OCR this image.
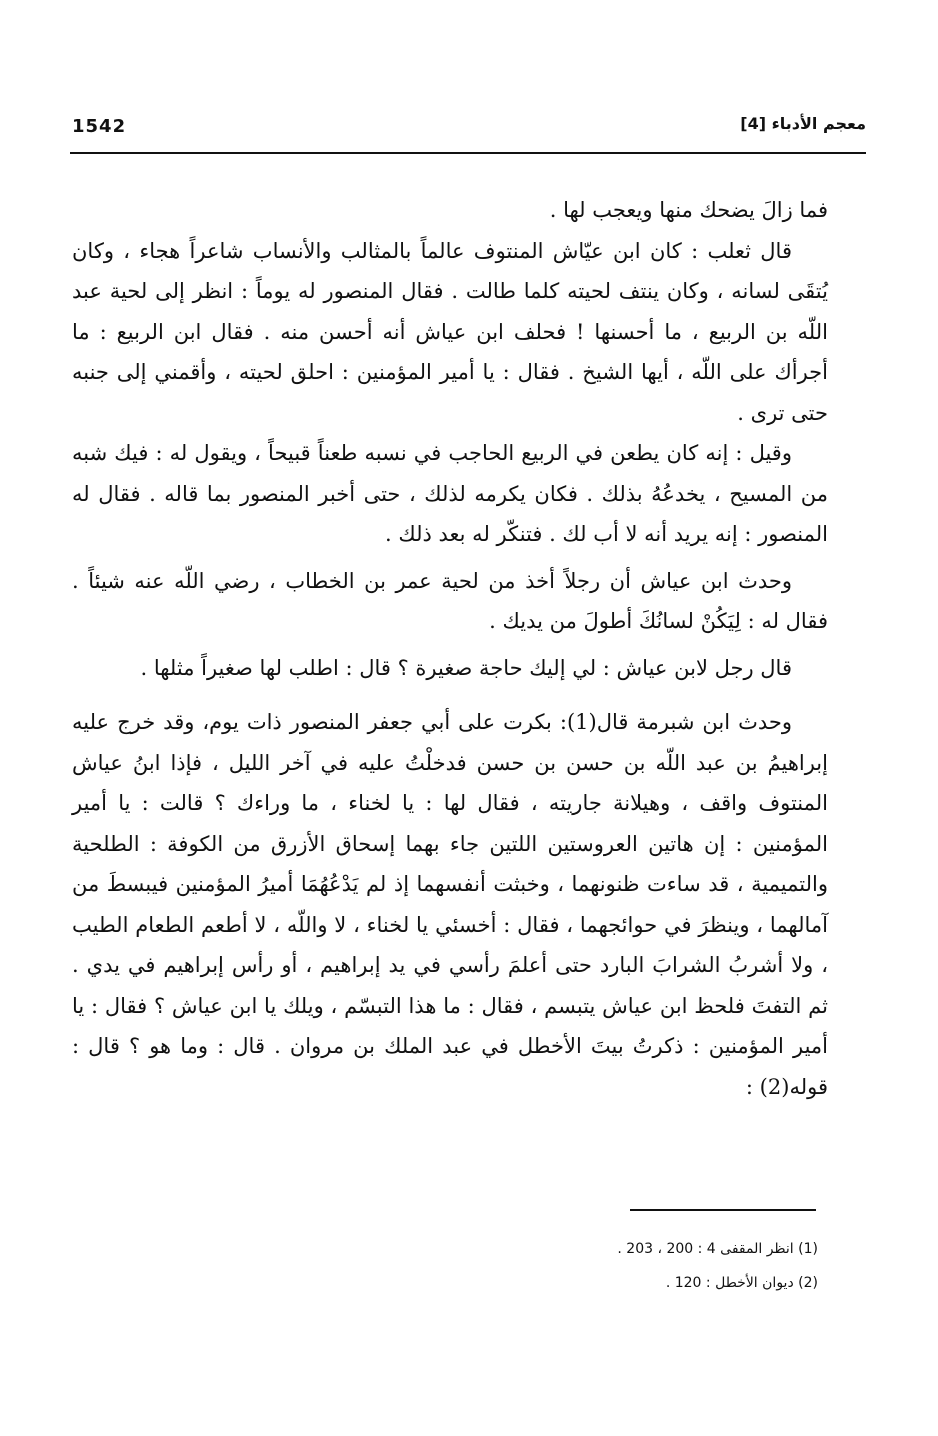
1542	معجم الأدباء [4]

فما زالَ يضحك منها ويعجب لها .

قال ثعلب : كان ابن عيّاش المنتوف عالماً بالمثالب والأنساب شاعراً هجاء ، وكان يُتقَى لسانه ، وكان ينتف لحيته كلما طالت . فقال المنصور له يوماً : انظر إلى لحية عبد اللّه بن الربيع ، ما أحسنها ! فحلف ابن عياش أنه أحسن منه . فقال ابن الربيع : ما أجرأك على اللّه ، أيها الشيخ . فقال : يا أمير المؤمنين : احلق لحيته ، وأقمني إلى جنبه حتى ترى .

وقيل : إنه كان يطعن في الربيع الحاجب في نسبه طعناً قبيحاً ، ويقول له : فيك شبه من المسيح ، يخدعُهُ بذلك . فكان يكرمه لذلك ، حتى أخبر المنصور بما قاله . فقال له المنصور : إنه يريد أنه لا أب لك . فتنكّر له بعد ذلك .

وحدث ابن عياش أن رجلاً أخذ من لحية عمر بن الخطاب ، رضي اللّه عنه شيئاً . فقال له : لِيَكُنْ لسانُكَ أطولَ من يديك .

قال رجل لابن عياش : لي إليك حاجة صغيرة ؟ قال : اطلب لها صغيراً مثلها .

وحدث ابن شبرمة قال(1): بكرت على أبي جعفر المنصور ذات يوم، وقد خرج عليه إبراهيمُ بن عبد اللّه بن حسن بن حسن فدخلْتُ عليه في آخر الليل ، فإذا ابنُ عياش المنتوف واقف ، وهيلانة جاريته ، فقال لها : يا لخناء ، ما وراءك ؟ قالت : يا أمير المؤمنين : إن هاتين العروستين اللتين جاء بهما إسحاق الأزرق من الكوفة : الطلحية والتميمية ، قد ساءت ظنونهما ، وخبثت أنفسهما إذ لم يَدْعُهُمَا أميرُ المؤمنين فيبسطَ من آمالهما ، وينظرَ في حوائجهما ، فقال : أخسئي يا لخناء ، لا واللّه ، لا أطعم الطعام الطيب ، ولا أشربُ الشرابَ البارد حتى أعلمَ رأسي في يد إبراهيم ، أو رأس إبراهيم في يدي . ثم التفتَ فلحظ ابن عياش يتبسم ، فقال : ما هذا التبسّم ، ويلك يا ابن عياش ؟ فقال : يا أمير المؤمنين : ذكرتُ بيتَ الأخطل في عبد الملك بن مروان . قال : وما هو ؟ قال : قوله(2) :

(1) انظر المقفى 4 : 200 ، 203 .

(2) ديوان الأخطل : 120 .
